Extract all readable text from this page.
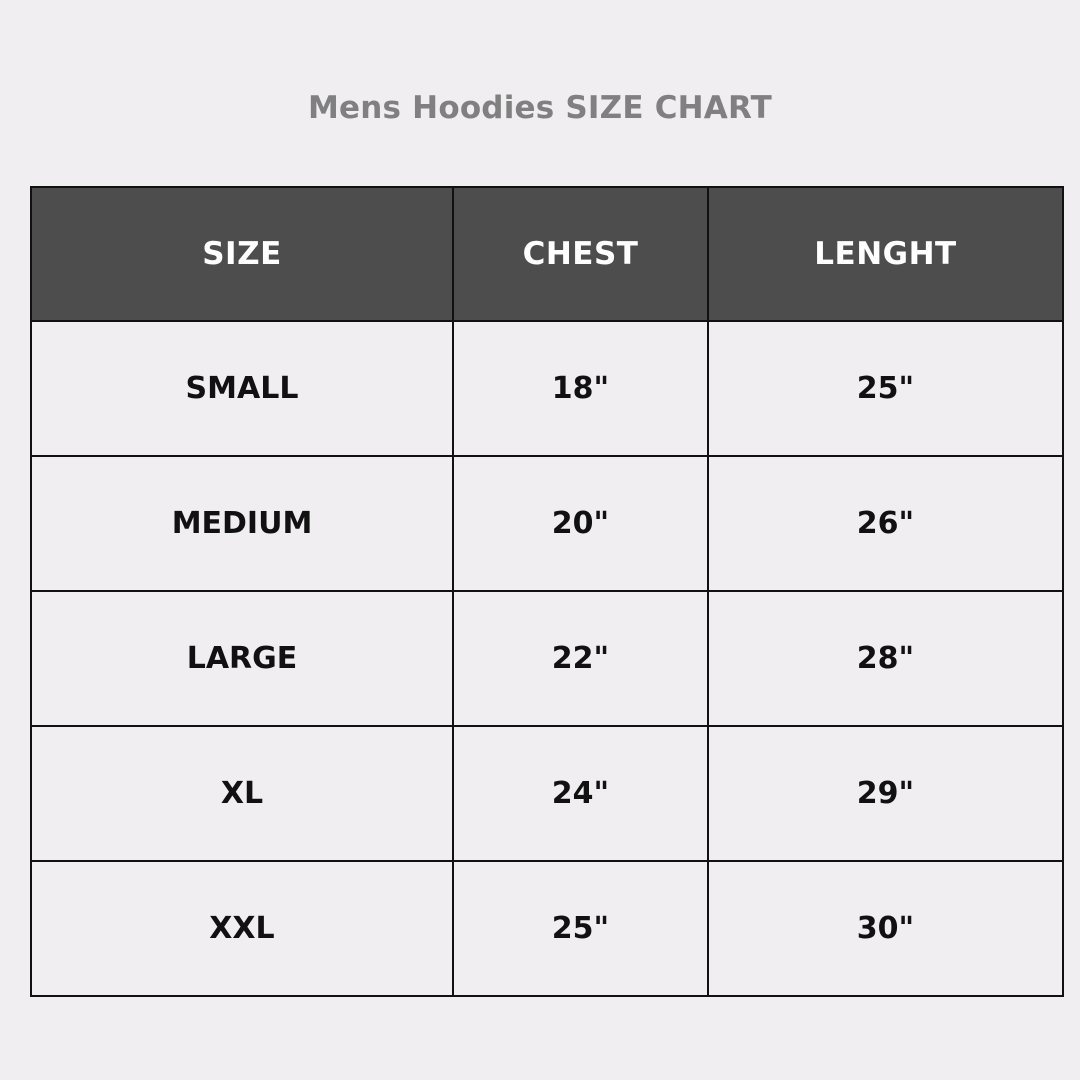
Mens Hoodies SIZE CHART
SIZE	CHEST	LENGHT
SMALL	18"	25"
MEDIUM	20"	26"
LARGE	22"	28"
XL	24"	29"
XXL	25"	30"
